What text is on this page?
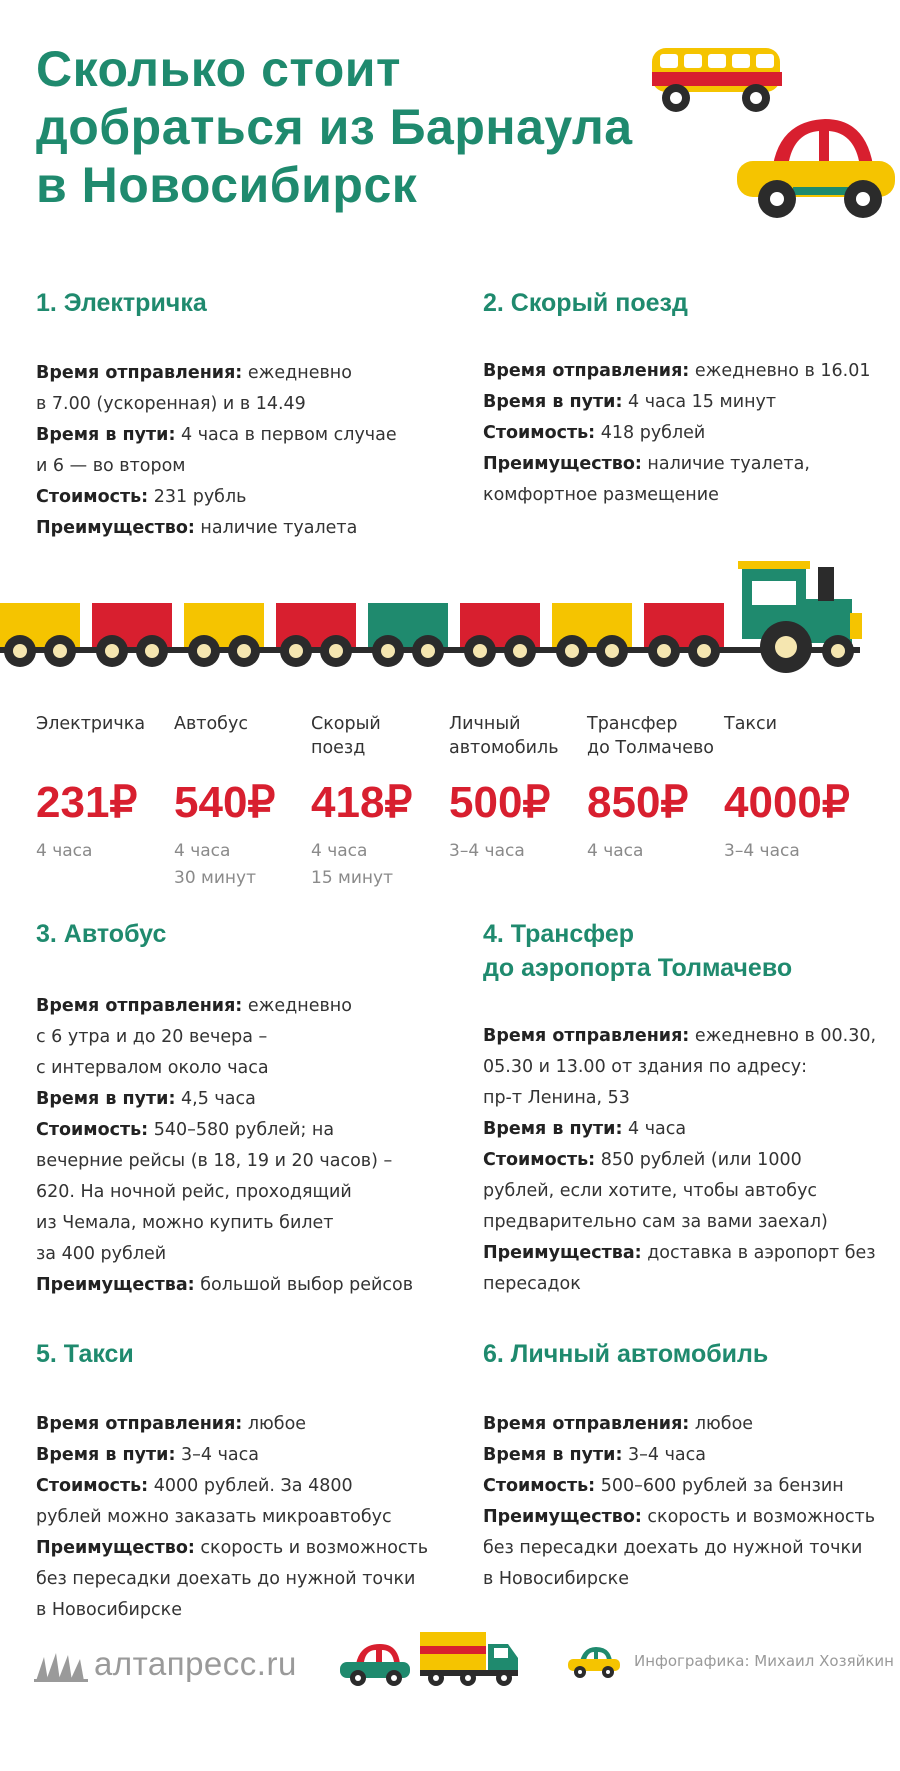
Сколько стоит
добраться из Барнаула
в Новосибирск
1. Электричка
Время отправления: ежедневно
в 7.00 (ускоренная) и в 14.49
Время в пути: 4 часа в первом случае
и 6 — во втором
Стоимость: 231 рубль
Преимущество: наличие туалета
2. Скорый поезд
Время отправления: ежедневно в 16.01
Время в пути: 4 часа 15 минут
Стоимость: 418 рублей
Преимущество: наличие туалета,
комфортное размещение
Электричка
231₽
4 часа
Автобус
540₽
4 часа
30 минут
Скорый
поезд
418₽
4 часа
15 минут
Личный
автомобиль
500₽
3–4 часа
Трансфер
до Толмачево
850₽
4 часа
Такси
4000₽
3–4 часа
3. Автобус
Время отправления: ежедневно
с 6 утра и до 20 вечера –
с интервалом около часа
Время в пути: 4,5 часа
Стоимость: 540–580 рублей; на
вечерние рейсы (в 18, 19 и 20 часов) –
620. На ночной рейс, проходящий
из Чемала, можно купить билет
за 400 рублей
Преимущества: большой выбор рейсов
4. Трансфер
до аэропорта Толмачево
Время отправления: ежедневно в 00.30,
05.30 и 13.00 от здания по адресу:
пр-т Ленина, 53
Время в пути: 4 часа
Стоимость: 850 рублей (или 1000
рублей, если хотите, чтобы автобус
предварительно сам за вами заехал)
Преимущества: доставка в аэропорт без
пересадок
5. Такси
Время отправления: любое
Время в пути: 3–4 часа
Стоимость: 4000 рублей. За 4800
рублей можно заказать микроавтобус
Преимущество: скорость и возможность
без пересадки доехать до нужной точки
в Новосибирске
6. Личный автомобиль
Время отправления: любое
Время в пути: 3–4 часа
Стоимость: 500–600 рублей за бензин
Преимущество: скорость и возможность
без пересадки доехать до нужной точки
в Новосибирске
алтапресс.ru	Инфографика: Михаил Хозяйкин
